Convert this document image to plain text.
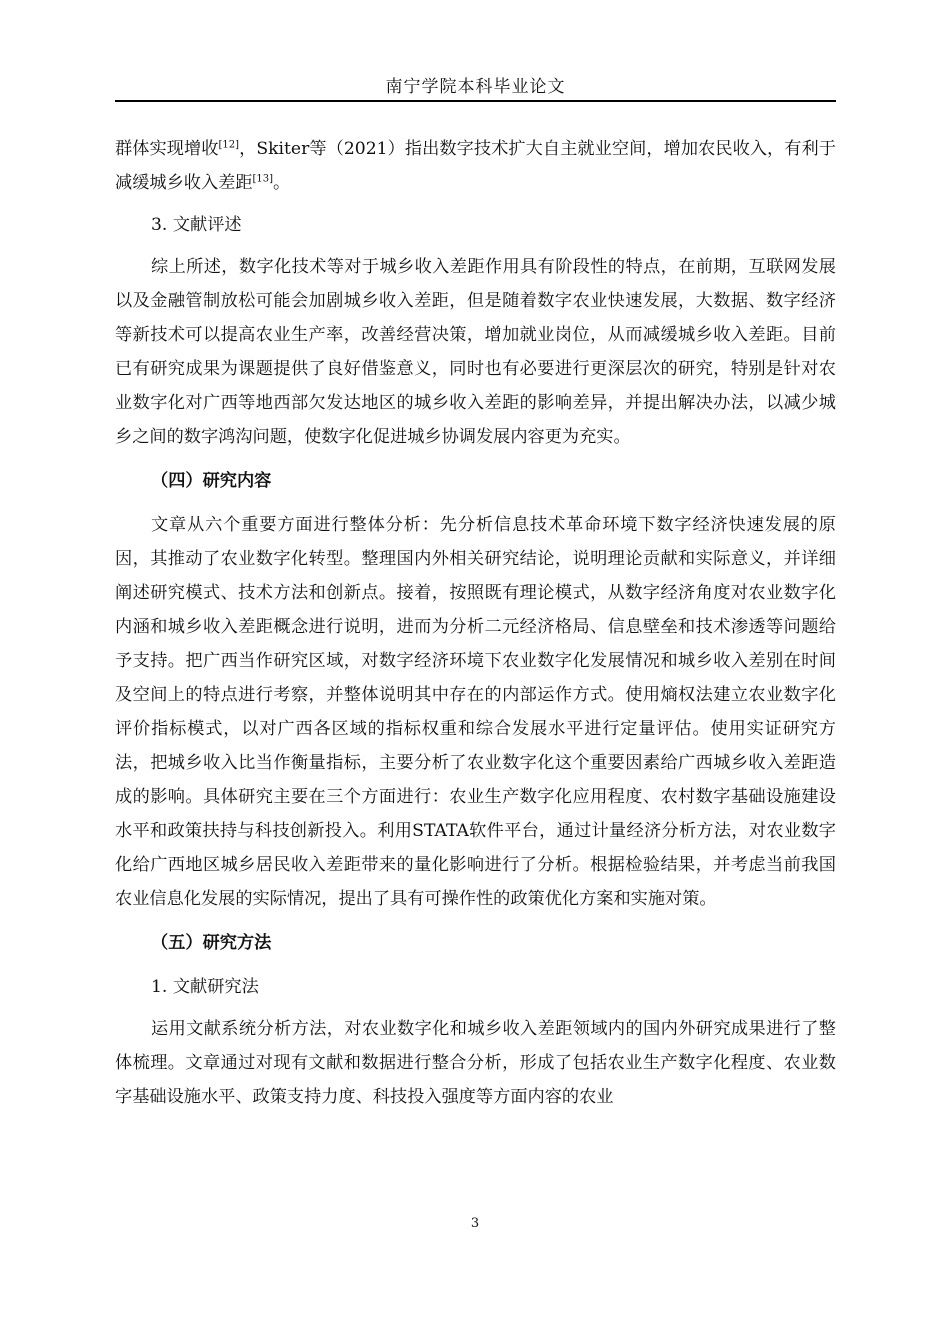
南宁学院本科毕业论文

群体实现增收[12]，Skiter等（2021）指出数字技术扩大自主就业空间，增加农民收入，有利于减缓城乡收入差距[13]。

3. 文献评述

综上所述，数字化技术等对于城乡收入差距作用具有阶段性的特点，在前期，互联网发展以及金融管制放松可能会加剧城乡收入差距，但是随着数字农业快速发展，大数据、数字经济等新技术可以提高农业生产率，改善经营决策，增加就业岗位，从而减缓城乡收入差距。目前已有研究成果为课题提供了良好借鉴意义，同时也有必要进行更深层次的研究，特别是针对农业数字化对广西等地西部欠发达地区的城乡收入差距的影响差异，并提出解决办法，以减少城乡之间的数字鸿沟问题，使数字化促进城乡协调发展内容更为充实。

（四）研究内容

文章从六个重要方面进行整体分析：先分析信息技术革命环境下数字经济快速发展的原因，其推动了农业数字化转型。整理国内外相关研究结论，说明理论贡献和实际意义，并详细阐述研究模式、技术方法和创新点。接着，按照既有理论模式，从数字经济角度对农业数字化内涵和城乡收入差距概念进行说明，进而为分析二元经济格局、信息壁垒和技术渗透等问题给予支持。把广西当作研究区域，对数字经济环境下农业数字化发展情况和城乡收入差别在时间及空间上的特点进行考察，并整体说明其中存在的内部运作方式。使用熵权法建立农业数字化评价指标模式，以对广西各区域的指标权重和综合发展水平进行定量评估。使用实证研究方法，把城乡收入比当作衡量指标，主要分析了农业数字化这个重要因素给广西城乡收入差距造成的影响。具体研究主要在三个方面进行：农业生产数字化应用程度、农村数字基础设施建设水平和政策扶持与科技创新投入。利用STATA软件平台，通过计量经济分析方法，对农业数字化给广西地区城乡居民收入差距带来的量化影响进行了分析。根据检验结果，并考虑当前我国农业信息化发展的实际情况，提出了具有可操作性的政策优化方案和实施对策。

（五）研究方法

1. 文献研究法

运用文献系统分析方法，对农业数字化和城乡收入差距领域内的国内外研究成果进行了整体梳理。文章通过对现有文献和数据进行整合分析，形成了包括农业生产数字化程度、农业数字基础设施水平、政策支持力度、科技投入强度等方面内容的农业

3
